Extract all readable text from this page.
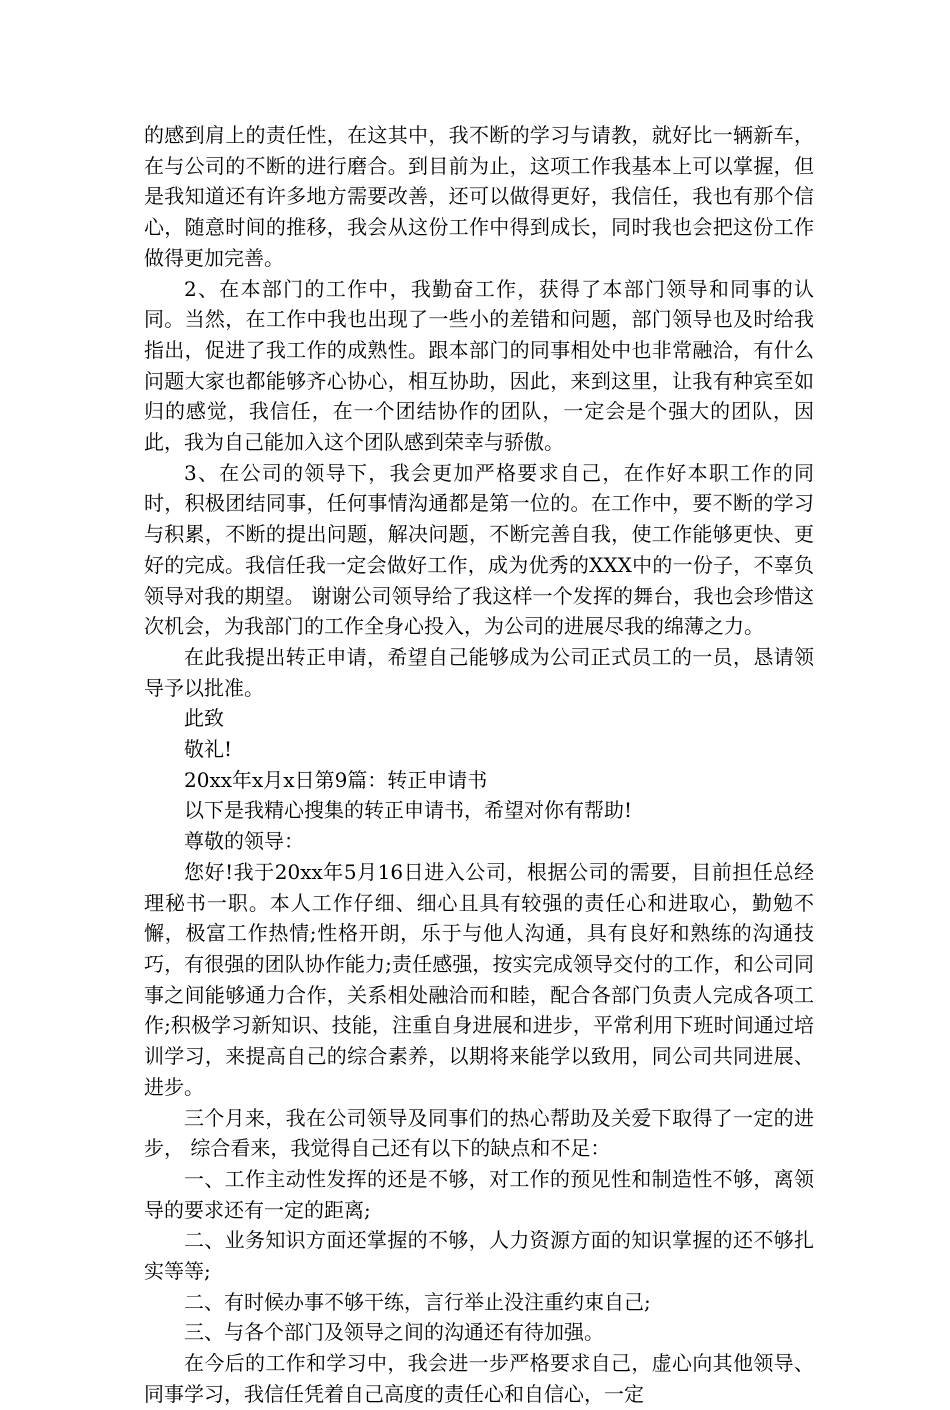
的感到肩上的责任性，在这其中，我不断的学习与请教，就好比一辆新车，在与公司的不断的进行磨合。到目前为止，这项工作我基本上可以掌握，但是我知道还有许多地方需要改善，还可以做得更好，我信任，我也有那个信心，随意时间的推移，我会从这份工作中得到成长，同时我也会把这份工作做得更加完善。

2、在本部门的工作中，我勤奋工作，获得了本部门领导和同事的认同。当然，在工作中我也出现了一些小的差错和问题，部门领导也及时给我指出，促进了我工作的成熟性。跟本部门的同事相处中也非常融洽，有什么问题大家也都能够齐心协心，相互协助，因此，来到这里，让我有种宾至如归的感觉，我信任，在一个团结协作的团队，一定会是个强大的团队，因此，我为自己能加入这个团队感到荣幸与骄傲。

3、在公司的领导下，我会更加严格要求自己，在作好本职工作的同时，积极团结同事，任何事情沟通都是第一位的。在工作中，要不断的学习与积累，不断的提出问题，解决问题，不断完善自我，使工作能够更快、更好的完成。我信任我一定会做好工作，成为优秀的XXX中的一份子，不辜负领导对我的期望。 谢谢公司领导给了我这样一个发挥的舞台，我也会珍惜这次机会，为我部门的工作全身心投入，为公司的进展尽我的绵薄之力。

在此我提出转正申请，希望自己能够成为公司正式员工的一员，恳请领导予以批准。

此致

敬礼!

20xx年x月x日第9篇：转正申请书

以下是我精心搜集的转正申请书，希望对你有帮助!

尊敬的领导：

您好!我于20xx年5月16日进入公司，根据公司的需要，目前担任总经理秘书一职。本人工作仔细、细心且具有较强的责任心和进取心，勤勉不懈，极富工作热情;性格开朗，乐于与他人沟通，具有良好和熟练的沟通技巧，有很强的团队协作能力;责任感强，按实完成领导交付的工作，和公司同事之间能够通力合作，关系相处融洽而和睦，配合各部门负责人完成各项工作;积极学习新知识、技能，注重自身进展和进步，平常利用下班时间通过培训学习，来提高自己的综合素养，以期将来能学以致用，同公司共同进展、进步。

三个月来，我在公司领导及同事们的热心帮助及关爱下取得了一定的进步， 综合看来，我觉得自己还有以下的缺点和不足：

一、工作主动性发挥的还是不够，对工作的预见性和制造性不够，离领导的要求还有一定的距离;

二、业务知识方面还掌握的不够，人力资源方面的知识掌握的还不够扎实等等;

二、有时候办事不够干练，言行举止没注重约束自己;

三、与各个部门及领导之间的沟通还有待加强。

在今后的工作和学习中，我会进一步严格要求自己，虚心向其他领导、同事学习，我信任凭着自己高度的责任心和自信心，一定
